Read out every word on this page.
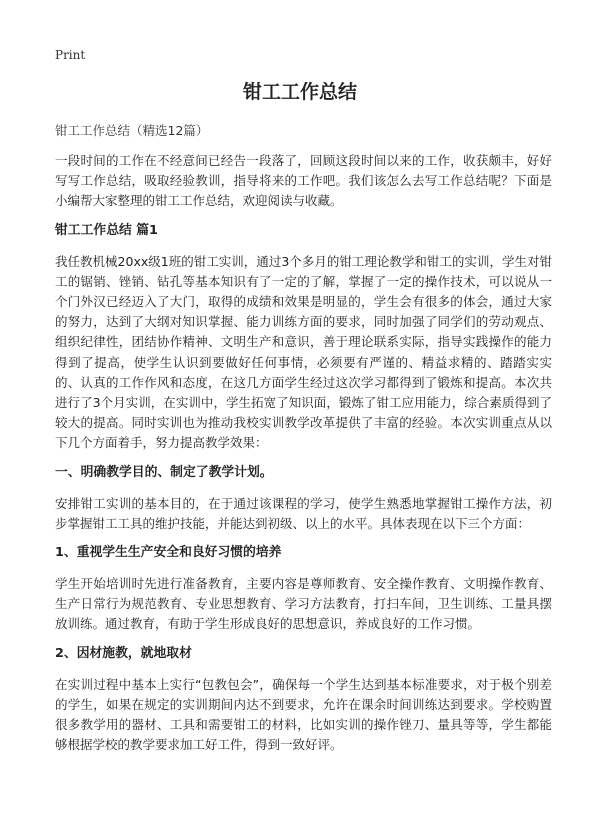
Print
钳工工作总结
钳工工作总结（精选12篇）

一段时间的工作在不经意间已经告一段落了，回顾这段时间以来的工作，收获颇丰，好好写写工作总结，吸取经验教训，指导将来的工作吧。我们该怎么去写工作总结呢？下面是小编帮大家整理的钳工工作总结，欢迎阅读与收藏。

钳工工作总结 篇1

我任教机械20xx级1班的钳工实训，通过3个多月的钳工理论教学和钳工的实训，学生对钳工的锯销、锉销、钻孔等基本知识有了一定的了解，掌握了一定的操作技术，可以说从一个门外汉已经迈入了大门，取得的成绩和效果是明显的，学生会有很多的体会，通过大家的努力，达到了大纲对知识掌握、能力训练方面的要求，同时加强了同学们的劳动观点、组织纪律性，团结协作精神、文明生产和意识，善于理论联系实际，指导实践操作的能力得到了提高，使学生认识到要做好任何事情，必须要有严谨的、精益求精的、踏踏实实的、认真的工作作风和态度，在这几方面学生经过这次学习都得到了锻炼和提高。本次共进行了3个月实训，在实训中，学生拓宽了知识面，锻炼了钳工应用能力，综合素质得到了较大的提高。同时实训也为推动我校实训教学改革提供了丰富的经验。本次实训重点从以下几个方面着手，努力提高教学效果：

一、明确教学目的、制定了教学计划。

安排钳工实训的基本目的，在于通过该课程的学习，使学生熟悉地掌握钳工操作方法，初步掌握钳工工具的维护技能，并能达到初级、以上的水平。具体表现在以下三个方面：

1、重视学生生产安全和良好习惯的培养

学生开始培训时先进行准备教育，主要内容是尊师教育、安全操作教育、文明操作教育、生产日常行为规范教育、专业思想教育、学习方法教育，打扫车间，卫生训练、工量具摆放训练。通过教育，有助于学生形成良好的思想意识，养成良好的工作习惯。

2、因材施教，就地取材

在实训过程中基本上实行“包教包会”，确保每一个学生达到基本标准要求，对于极个别差的学生，如果在规定的实训期间内达不到要求，允许在课余时间训练达到要求。学校购置很多教学用的器材、工具和需要钳工的材料，比如实训的操作锉刀、量具等等，学生都能够根据学校的教学要求加工好工件，得到一致好评。
